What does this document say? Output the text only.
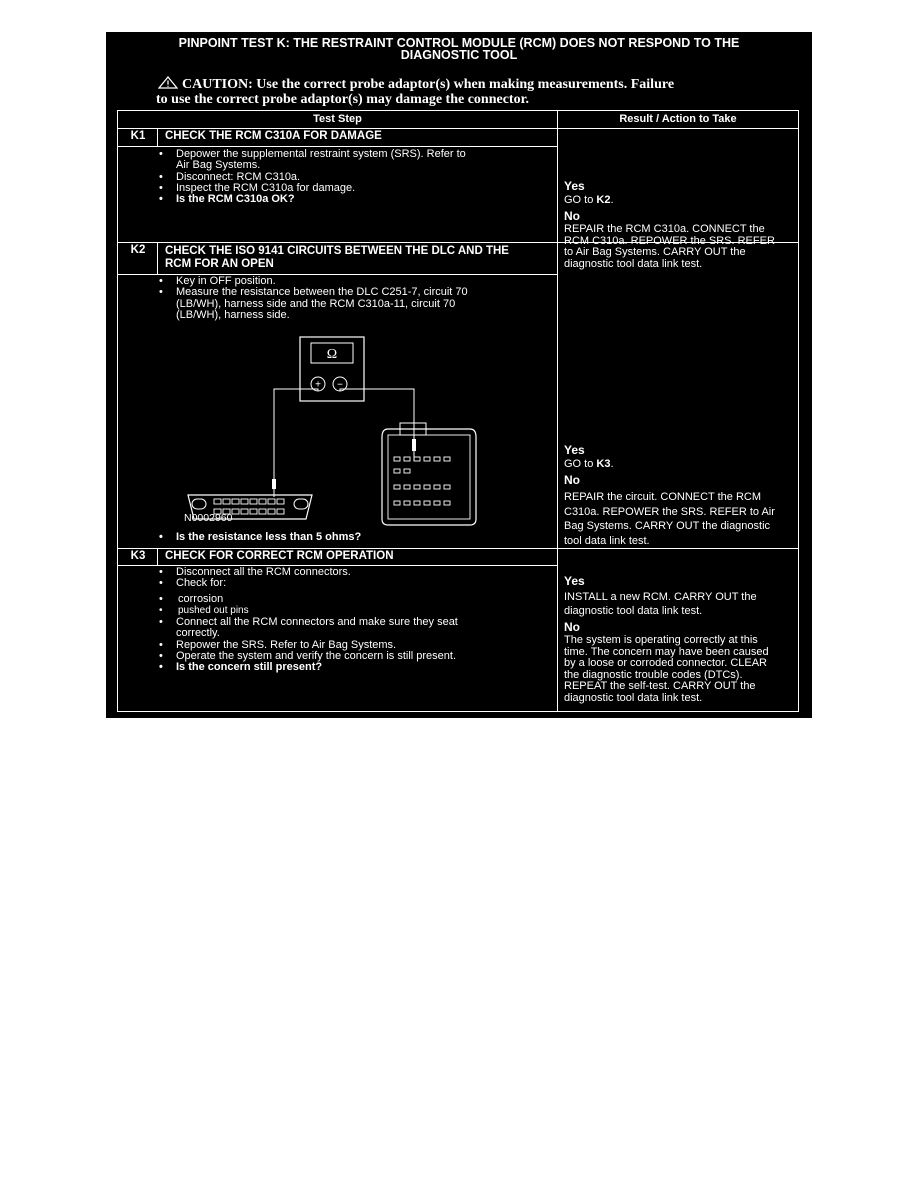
PINPOINT TEST K: THE RESTRAINT CONTROL MODULE (RCM) DOES NOT RESPOND TO THE
DIAGNOSTIC TOOL
CAUTION: Use the correct probe adaptor(s) when making measurements. Failure
to use the correct probe adaptor(s) may damage the connector.
Test Step	Result / Action to Take
K1	CHECK THE RCM C310A FOR DAMAGE
• Depower the supplemental restraint system (SRS). Refer to
Air Bag Systems.
• Disconnect: RCM C310a.
• Inspect the RCM C310a for damage.
• Is the RCM C310a OK?
Yes
GO to K2.
No
REPAIR the RCM C310a. CONNECT the
RCM C310a. REPOWER the SRS. REFER
to Air Bag Systems. CARRY OUT the
diagnostic tool data link test.
K2	CHECK THE ISO 9141 CIRCUITS BETWEEN THE DLC AND THE
RCM FOR AN OPEN
• Key in OFF position.
• Measure the resistance between the DLC C251-7, circuit 70
(LB/WH), harness side and the RCM C310a-11, circuit 70
(LB/WH), harness side.
Ω
+ −
N0002960
• Is the resistance less than 5 ohms?
Yes
GO to K3.
No
REPAIR the circuit. CONNECT the RCM
C310a. REPOWER the SRS. REFER to Air
Bag Systems. CARRY OUT the diagnostic
tool data link test.
K3	CHECK FOR CORRECT RCM OPERATION
• Disconnect all the RCM connectors.
• Check for:
• corrosion
• pushed out pins
• Connect all the RCM connectors and make sure they seat
correctly.
• Repower the SRS. Refer to Air Bag Systems.
• Operate the system and verify the concern is still present.
• Is the concern still present?
Yes
INSTALL a new RCM. CARRY OUT the
diagnostic tool data link test.
No
The system is operating correctly at this
time. The concern may have been caused
by a loose or corroded connector. CLEAR
the diagnostic trouble codes (DTCs).
REPEAT the self-test. CARRY OUT the
diagnostic tool data link test.
